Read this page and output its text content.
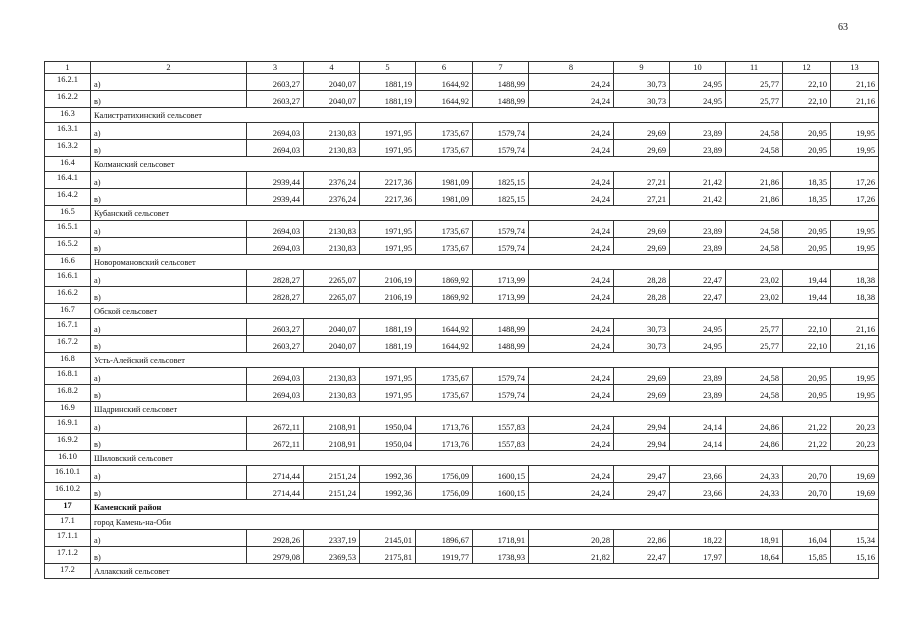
63
1	2	3	4	5	6	7	8	9	10	11	12	13
16.2.1	а)	2603,27	2040,07	1881,19	1644,92	1488,99	24,24	30,73	24,95	25,77	22,10	21,16
16.2.2	в)	2603,27	2040,07	1881,19	1644,92	1488,99	24,24	30,73	24,95	25,77	22,10	21,16
16.3	Калистратихинский сельсовет											
16.3.1	а)	2694,03	2130,83	1971,95	1735,67	1579,74	24,24	29,69	23,89	24,58	20,95	19,95
16.3.2	в)	2694,03	2130,83	1971,95	1735,67	1579,74	24,24	29,69	23,89	24,58	20,95	19,95
16.4	Колманский сельсовет											
16.4.1	а)	2939,44	2376,24	2217,36	1981,09	1825,15	24,24	27,21	21,42	21,86	18,35	17,26
16.4.2	в)	2939,44	2376,24	2217,36	1981,09	1825,15	24,24	27,21	21,42	21,86	18,35	17,26
16.5	Кубанский сельсовет											
16.5.1	а)	2694,03	2130,83	1971,95	1735,67	1579,74	24,24	29,69	23,89	24,58	20,95	19,95
16.5.2	в)	2694,03	2130,83	1971,95	1735,67	1579,74	24,24	29,69	23,89	24,58	20,95	19,95
16.6	Новоромановский сельсовет											
16.6.1	а)	2828,27	2265,07	2106,19	1869,92	1713,99	24,24	28,28	22,47	23,02	19,44	18,38
16.6.2	в)	2828,27	2265,07	2106,19	1869,92	1713,99	24,24	28,28	22,47	23,02	19,44	18,38
16.7	Обской сельсовет											
16.7.1	а)	2603,27	2040,07	1881,19	1644,92	1488,99	24,24	30,73	24,95	25,77	22,10	21,16
16.7.2	в)	2603,27	2040,07	1881,19	1644,92	1488,99	24,24	30,73	24,95	25,77	22,10	21,16
16.8	Усть-Алейский сельсовет											
16.8.1	а)	2694,03	2130,83	1971,95	1735,67	1579,74	24,24	29,69	23,89	24,58	20,95	19,95
16.8.2	в)	2694,03	2130,83	1971,95	1735,67	1579,74	24,24	29,69	23,89	24,58	20,95	19,95
16.9	Шадринский сельсовет											
16.9.1	а)	2672,11	2108,91	1950,04	1713,76	1557,83	24,24	29,94	24,14	24,86	21,22	20,23
16.9.2	в)	2672,11	2108,91	1950,04	1713,76	1557,83	24,24	29,94	24,14	24,86	21,22	20,23
16.10	Шиловский сельсовет											
16.10.1	а)	2714,44	2151,24	1992,36	1756,09	1600,15	24,24	29,47	23,66	24,33	20,70	19,69
16.10.2	в)	2714,44	2151,24	1992,36	1756,09	1600,15	24,24	29,47	23,66	24,33	20,70	19,69
17	Каменский район											
17.1	город Камень-на-Оби											
17.1.1	а)	2928,26	2337,19	2145,01	1896,67	1718,91	20,28	22,86	18,22	18,91	16,04	15,34
17.1.2	в)	2979,08	2369,53	2175,81	1919,77	1738,93	21,82	22,47	17,97	18,64	15,85	15,16
17.2	Аллакский сельсовет											
